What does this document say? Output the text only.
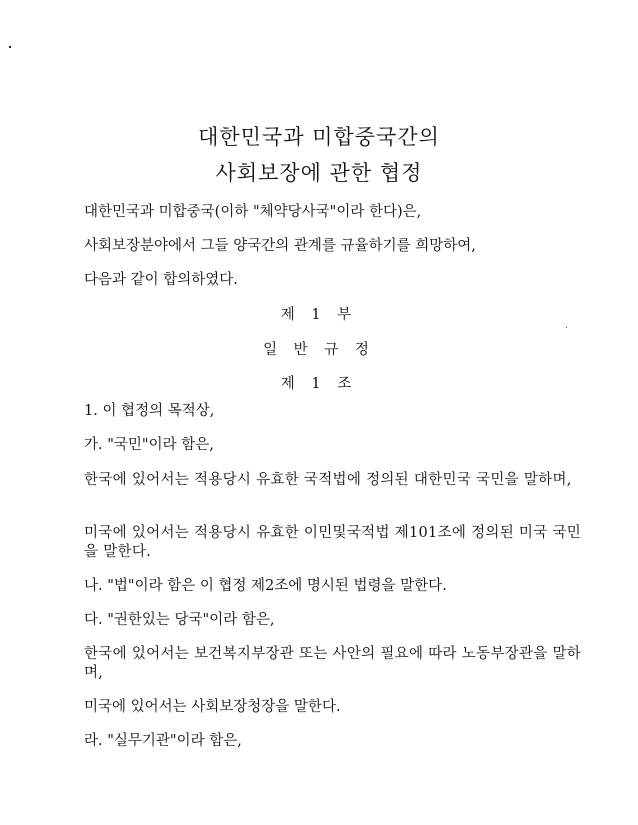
대한민국과 미합중국간의
사회보장에 관한 협정
대한민국과 미합중국(이하 "체약당사국"이라 한다)은,
사회보장분야에서 그들 양국간의 관계를 규율하기를 희망하여,
다음과 같이 합의하였다.
제 1 부
일 반 규 정
제 1 조
1. 이 협정의 목적상,
가. "국민"이라 함은,
한국에 있어서는 적용당시 유효한 국적법에 정의된 대한민국 국민을 말하며,
미국에 있어서는 적용당시 유효한 이민및국적법 제101조에 정의된 미국 국민을 말한다.
나. "법"이라 함은 이 협정 제2조에 명시된 법령을 말한다.
다. "권한있는 당국"이라 함은,
한국에 있어서는 보건복지부장관 또는 사안의 필요에 따라 노동부장관을 말하며,
미국에 있어서는 사회보장청장을 말한다.
라. "실무기관"이라 함은,
